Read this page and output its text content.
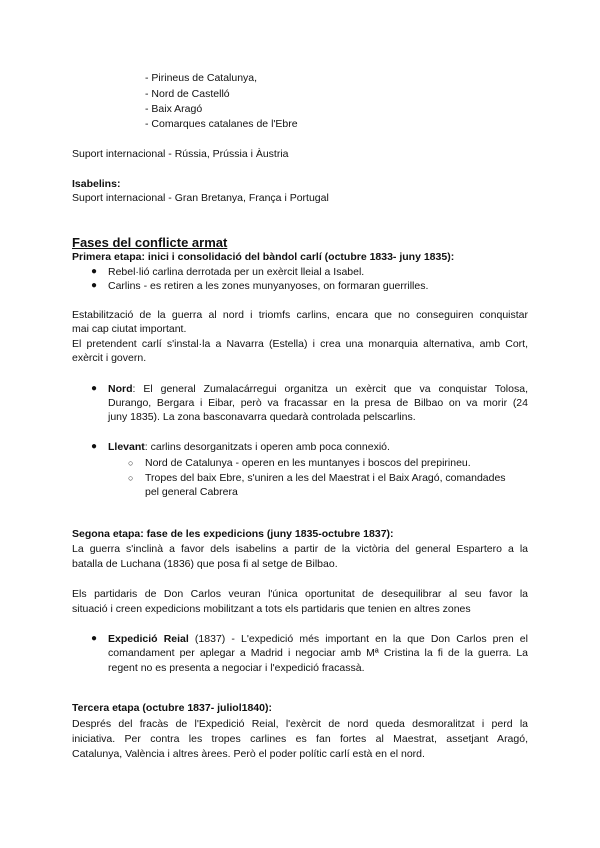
- Pirineus de Catalunya,
- Nord de Castelló
- Baix Aragó
- Comarques catalanes de l'Ebre
Suport internacional - Rússia, Prússia i Àustria
Isabelins:
Suport internacional - Gran Bretanya, França i Portugal
Fases del conflicte armat
Primera etapa: inici i consolidació del bàndol carlí (octubre 1833- juny 1835):
● Rebel·lió carlina derrotada per un exèrcit lleial a Isabel.
● Carlins - es retiren a les zones munyanyoses, on formaran guerrilles.
Estabilització de la guerra al nord i triomfs carlins, encara que no conseguiren conquistar
mai cap ciutat important.
El pretendent carlí s'instal·la a Navarra (Estella) i crea una monarquia alternativa, amb Cort,
exèrcit i govern.
● Nord: El general Zumalacárregui organitza un exèrcit que va conquistar Tolosa,
Durango, Bergara i Eibar, però va fracassar en la presa de Bilbao on va morir (24
juny 1835). La zona basconavarra quedarà controlada pelscarlins.
● Llevant: carlins desorganitzats i operen amb poca connexió.
○ Nord de Catalunya - operen en les muntanyes i boscos del prepirineu.
○ Tropes del baix Ebre, s'uniren a les del Maestrat i el Baix Aragó, comandades
pel general Cabrera
Segona etapa: fase de les expedicions (juny 1835-octubre 1837):
La guerra s'inclinà a favor dels isabelins a partir de la victòria del general Espartero a la
batalla de Luchana (1836) que posa fi al setge de Bilbao.
Els partidaris de Don Carlos veuran l'única oportunitat de desequilibrar al seu favor la
situació i creen expedicions mobilitzant a tots els partidaris que tenien en altres zones
● Expedició Reial (1837) - L'expedició més important en la que Don Carlos pren el
comandament per aplegar a Madrid i negociar amb Mª Cristina la fi de la guerra. La
regent no es presenta a negociar i l'expedició fracassà.
Tercera etapa (octubre 1837- juliol1840):
Després del fracàs de l'Expedició Reial, l'exèrcit de nord queda desmoralitzat i perd la
iniciativa. Per contra les tropes carlines es fan fortes al Maestrat, assetjant Aragó,
Catalunya, València i altres àrees. Però el poder polític carlí està en el nord.
